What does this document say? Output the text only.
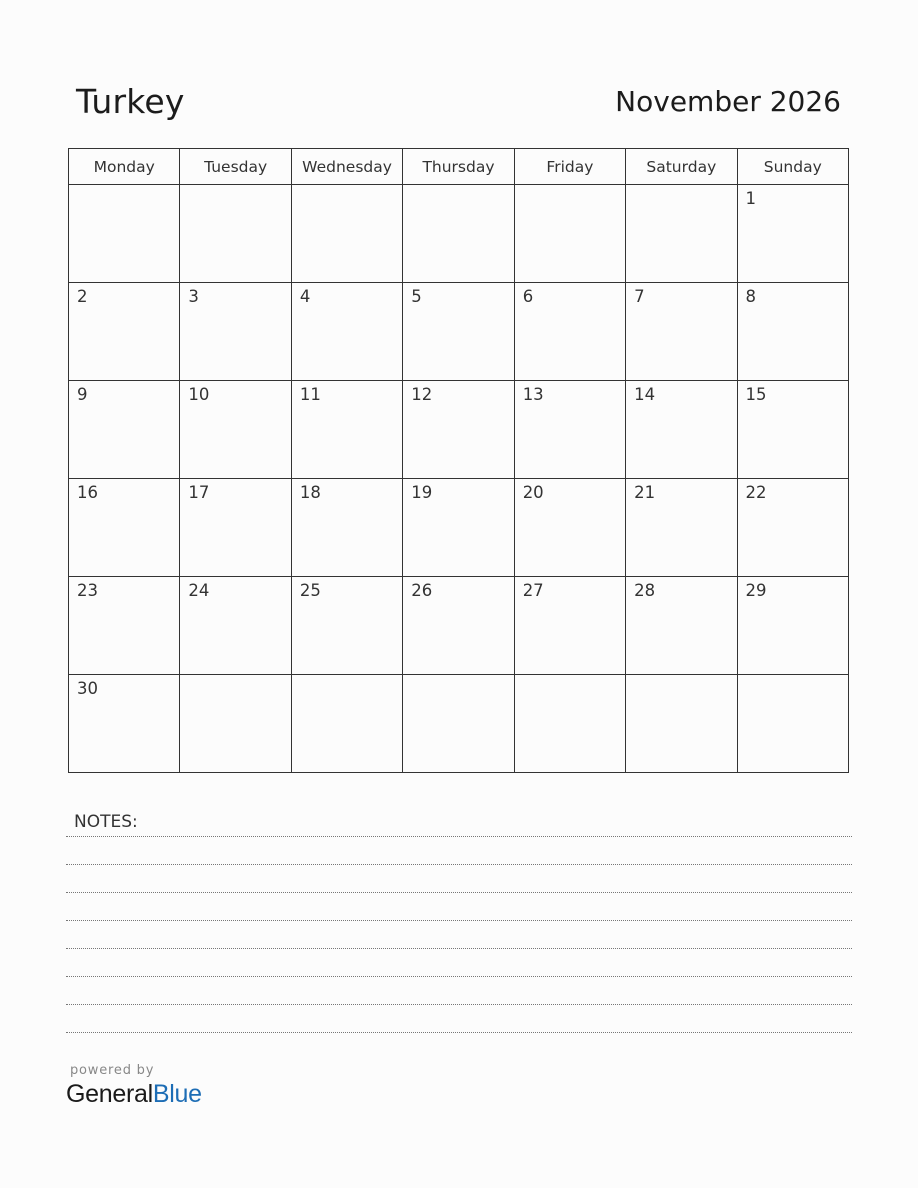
Turkey	November 2026
Monday	Tuesday	Wednesday	Thursday	Friday	Saturday	Sunday

						1

2	3	4	5	6	7	8

9	10	11	12	13	14	15

16	17	18	19	20	21	22

23	24	25	26	27	28	29

30						

NOTES:
powered by
GeneralBlue
